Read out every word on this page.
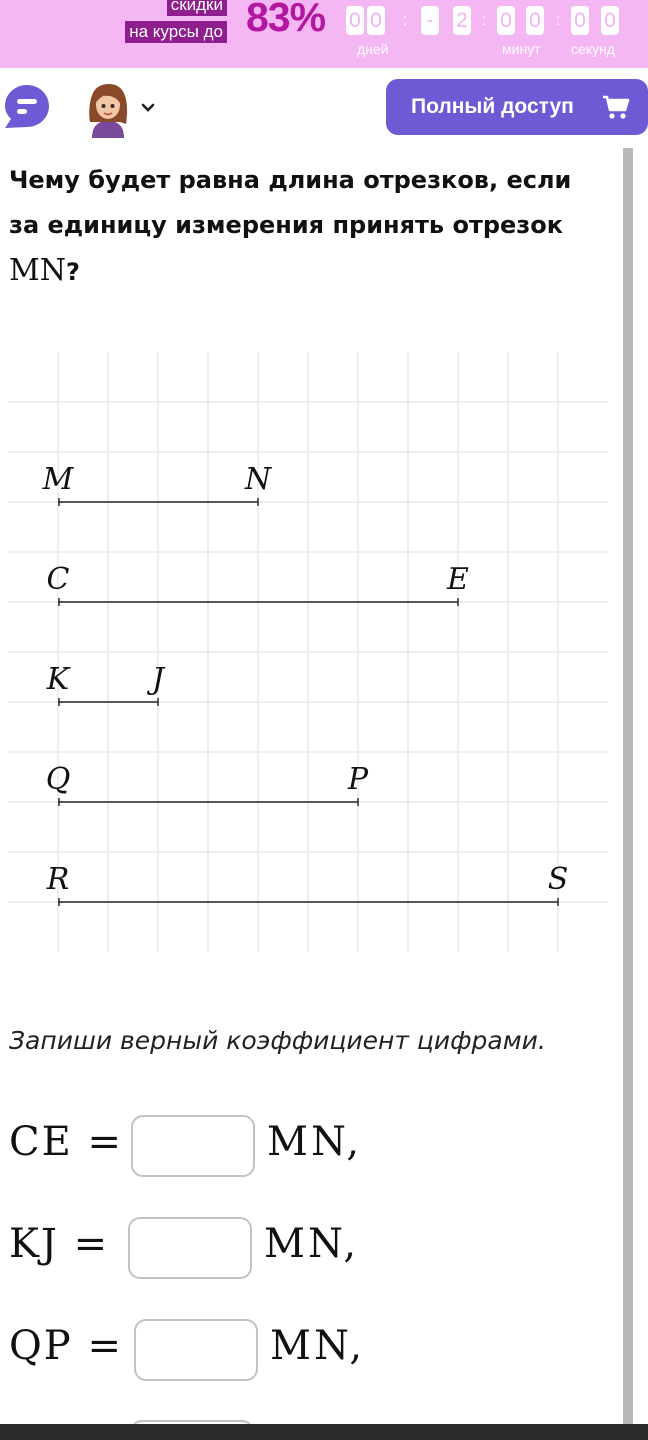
скидки
на курсы до 83% 0 0 : - 2 : 0 0 : 0 0
дней	минут секунд
Полный доступ
Чему будет равна длина отрезков, если за единицу измерения принять отрезок
MN?
M	N
C	E
K	J
Q	P
R	S
Запиши верный коэффициент цифрами.
CE =	MN,
KJ =	MN,
QP =	MN,
